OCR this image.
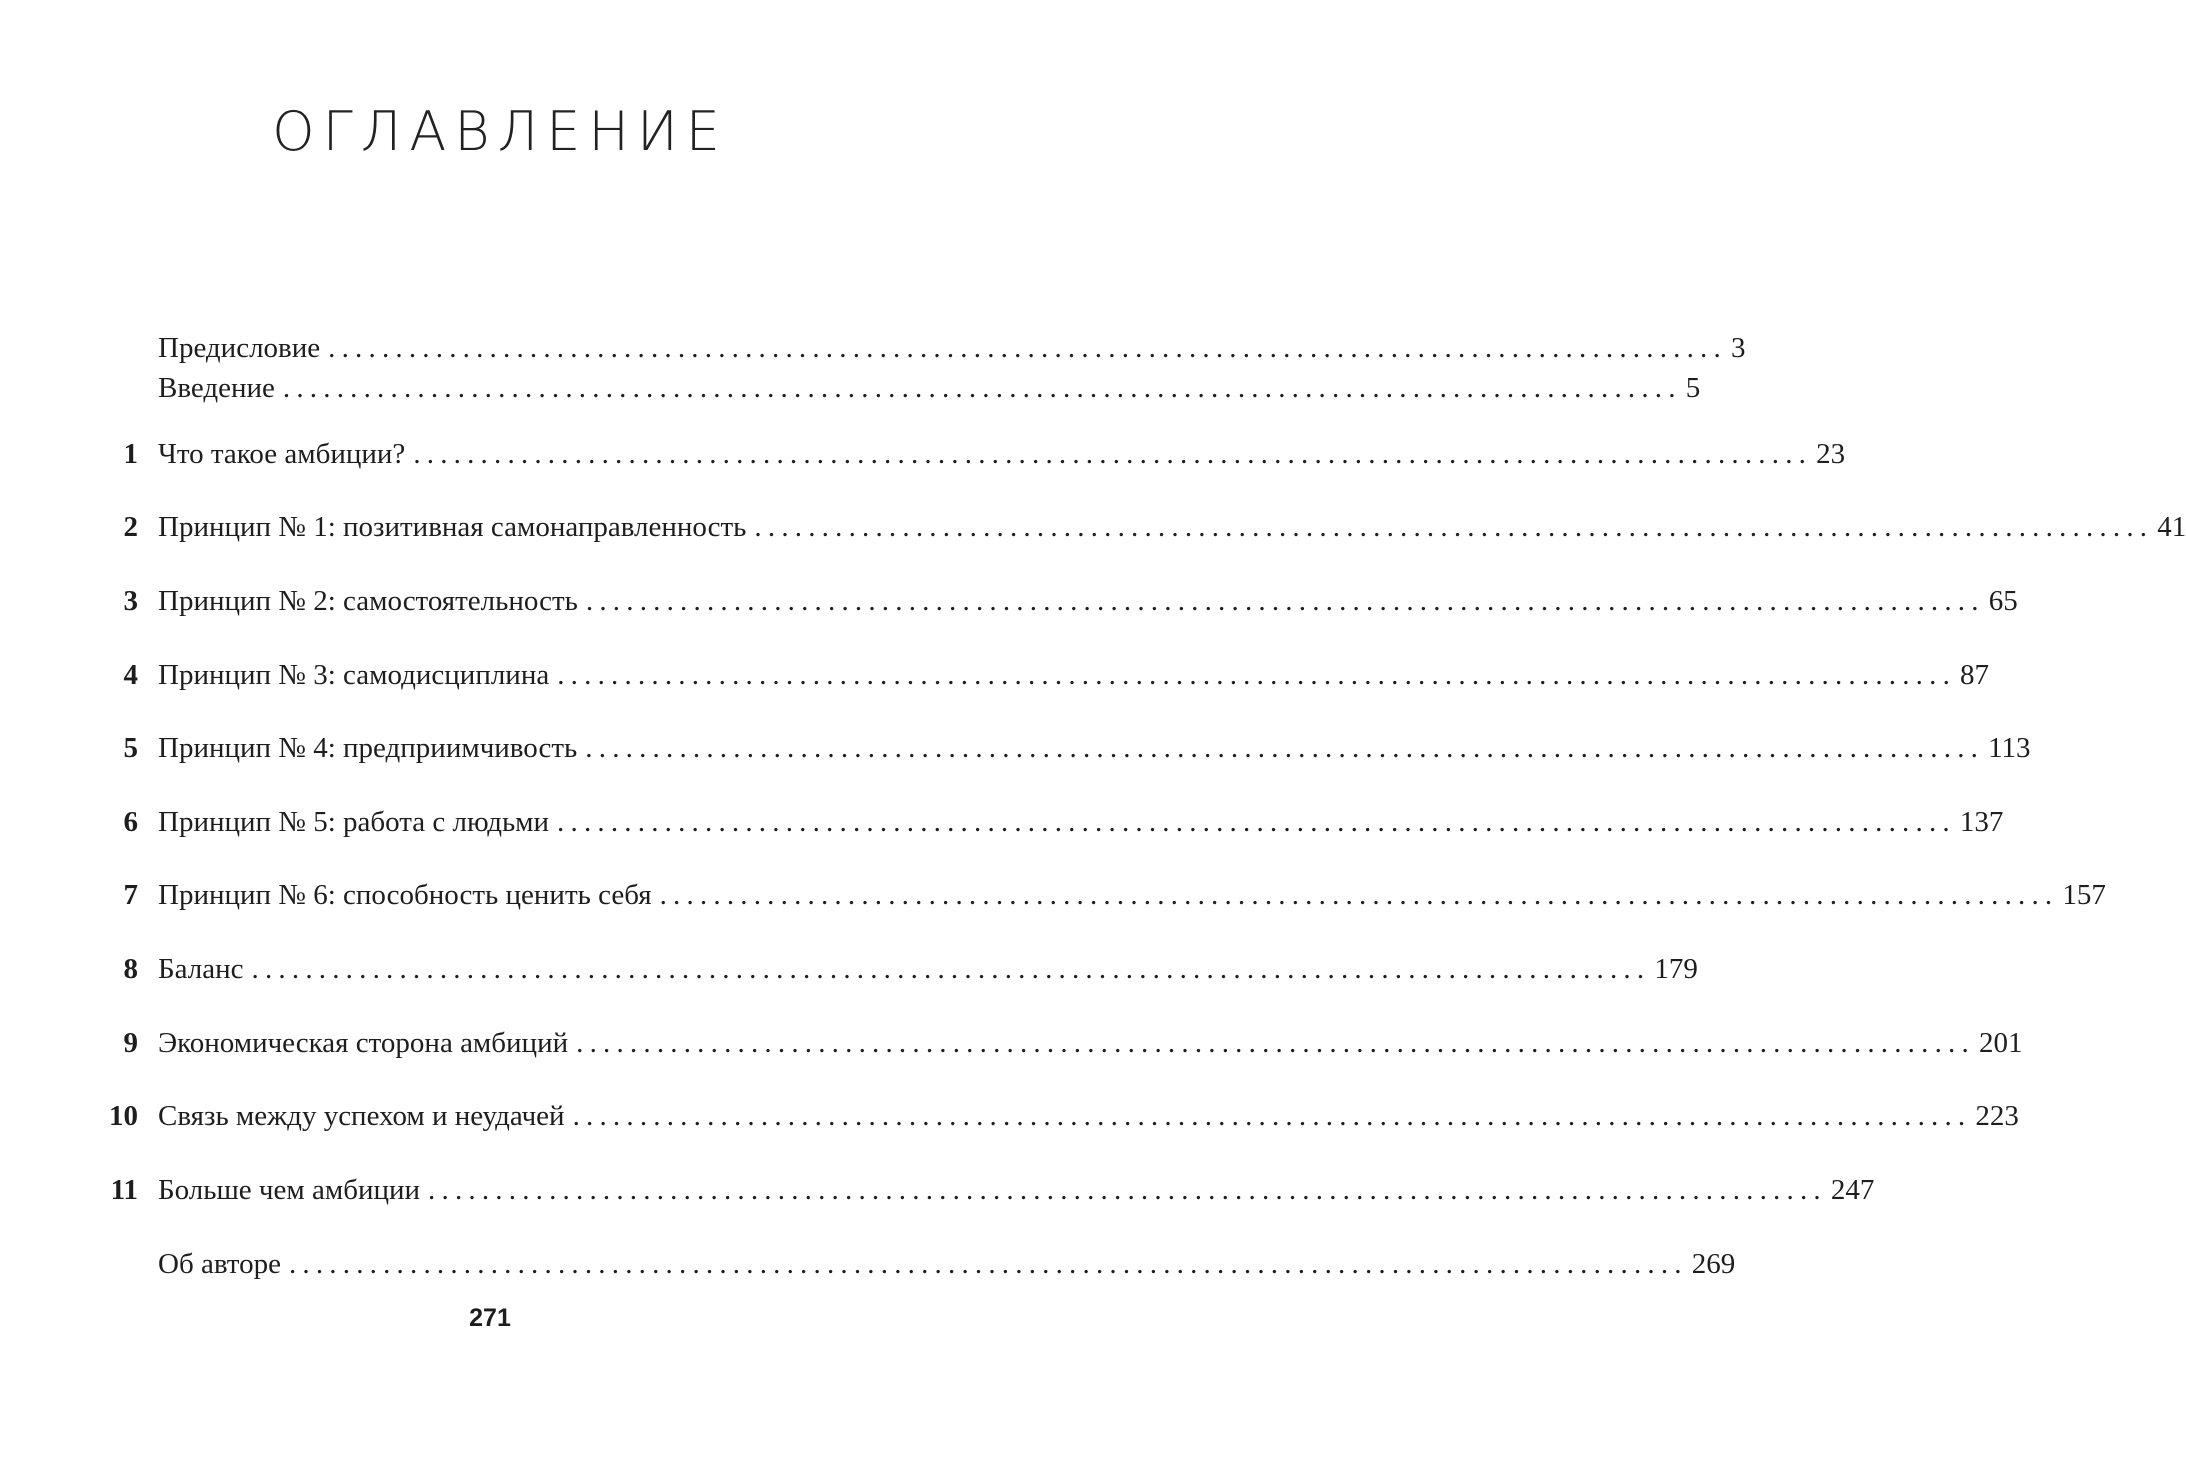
ОГЛАВЛЕНИЕ
Предисловие ........................................................................................................ 3
Введение ........................................................................................................ 5
1 Что такое амбиции? ........................................................................................................ 23
2 Принцип № 1: позитивная самонаправленность ........................................................................................................ 41
3 Принцип № 2: самостоятельность ........................................................................................................ 65
4 Принцип № 3: самодисциплина ........................................................................................................ 87
5 Принцип № 4: предприимчивость ........................................................................................................ 113
6 Принцип № 5: работа с людьми ........................................................................................................ 137
7 Принцип № 6: способность ценить себя ........................................................................................................ 157
8 Баланс ........................................................................................................ 179
9 Экономическая сторона амбиций ........................................................................................................ 201
10 Связь между успехом и неудачей ........................................................................................................ 223
11 Больше чем амбиции ........................................................................................................ 247
Об авторе ........................................................................................................ 269
271
